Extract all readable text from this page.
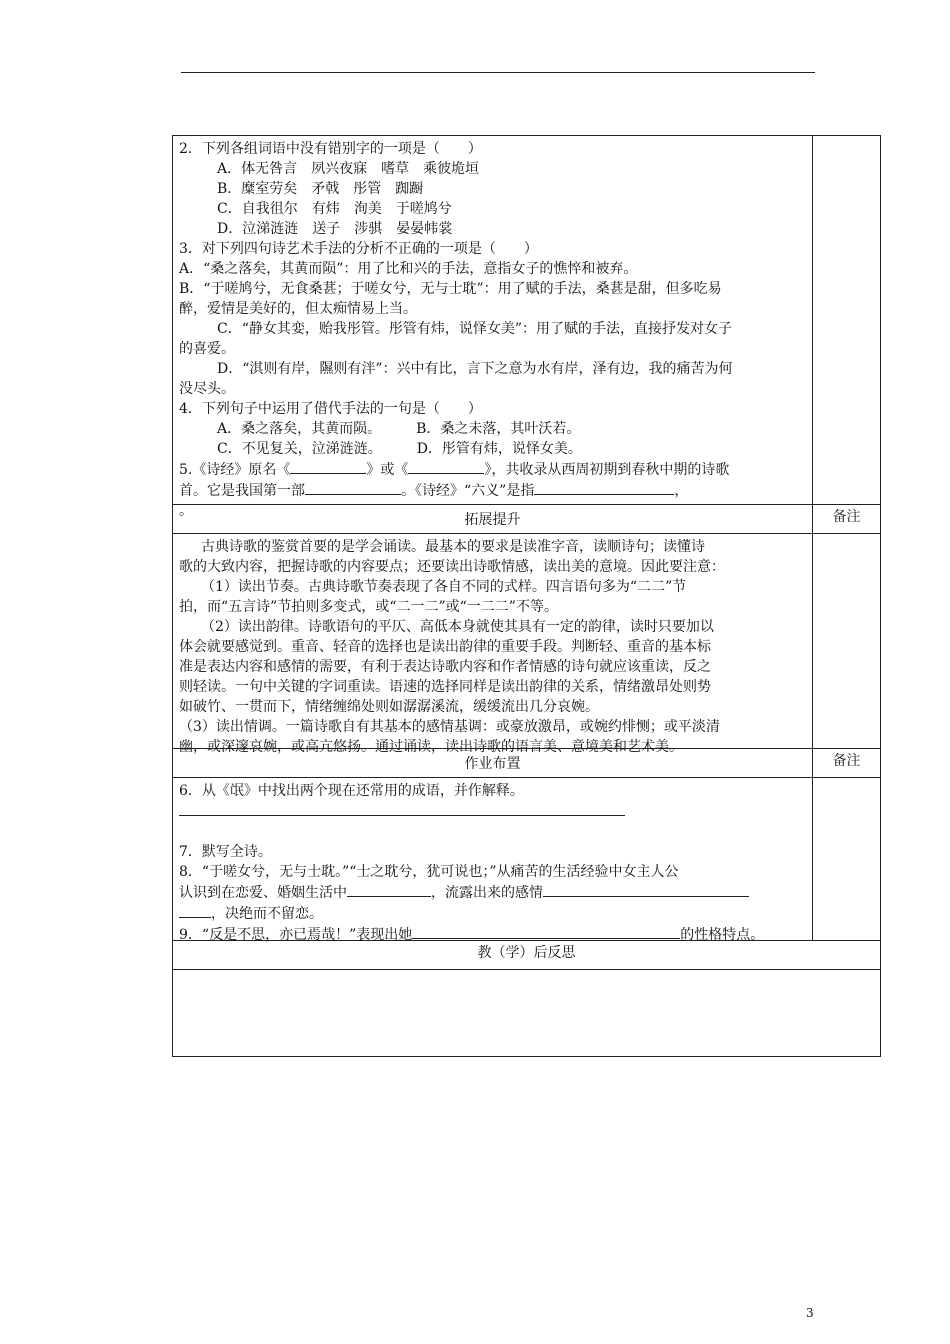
2．下列各组词语中没有错别字的一项是（　　）
A．体无咎言　夙兴夜寐　嗜草　乘彼垝垣
B．糜室劳矣　矛戟　彤管　踟蹰
C．自我徂尔　有炜　洵美　于嗟鸠兮
D．泣涕涟涟　送子　涉骐　晏晏帏裳
3．对下列四句诗艺术手法的分析不正确的一项是（　　）
A．“桑之落矣，其黄而陨”：用了比和兴的手法，意指女子的憔悴和被弃。
B．“于嗟鸠兮，无食桑葚；于嗟女兮，无与士耽”：用了赋的手法，桑葚是甜，但多吃易
醉，爱情是美好的，但太痴情易上当。
C．“静女其娈，贻我彤管。彤管有炜，说怿女美”：用了赋的手法，直接抒发对女子
的喜爱。
D．“淇则有岸，隰则有泮”：兴中有比，言下之意为水有岸，泽有边，我的痛苦为何
没尽头。
4．下列句子中运用了借代手法的一句是（　　）
A．桑之落矣，其黄而陨。　　　B．桑之未落，其叶沃若。
C．不见复关，泣涕涟涟。　　　D．彤管有炜，说怿女美。
5.《诗经》原名《	》或《	》，共收录从西周初期到春秋中期的诗歌
首。它是我国第一部	。《诗经》“六义”是指	，
。
拓展提升	备注
古典诗歌的鉴赏首要的是学会诵读。最基本的要求是读准字音，读顺诗句；读懂诗
歌的大致内容，把握诗歌的内容要点；还要读出诗歌情感，读出美的意境。因此要注意：
（1）读出节奏。古典诗歌节奏表现了各自不同的式样。四言语句多为“二二”节
拍，而“五言诗”节拍则多变式，或“二一二”或“一二二”不等。
（2）读出韵律。诗歌语句的平仄、高低本身就使其具有一定的韵律，读时只要加以
体会就要感觉到。重音、轻音的选择也是读出韵律的重要手段。判断轻、重音的基本标
准是表达内容和感情的需要，有利于表达诗歌内容和作者情感的诗句就应该重读，反之
则轻读。一句中关键的字词重读。语速的选择同样是读出韵律的关系，情绪激昂处则势
如破竹、一贯而下，情绪缠绵处则如潺潺溪流，缓缓流出几分哀婉。
（3）读出情调。一篇诗歌自有其基本的感情基调：或豪放激昂，或婉约悱恻；或平淡清
幽，或深邃哀婉，或高亢悠扬。通过诵读，读出诗歌的语言美、意境美和艺术美。
作业布置	备注
6．从《氓》中找出两个现在还常用的成语，并作解释。

7．默写全诗。
8．“于嗟女兮，无与士耽。”“士之耽兮，犹可说也；”从痛苦的生活经验中女主人公
认识到在恋爱、婚姻生活中	，流露出来的感情
，决绝而不留恋。
9．“反是不思，亦已焉哉！”表现出她	的性格特点。
教（学）后反思
3
